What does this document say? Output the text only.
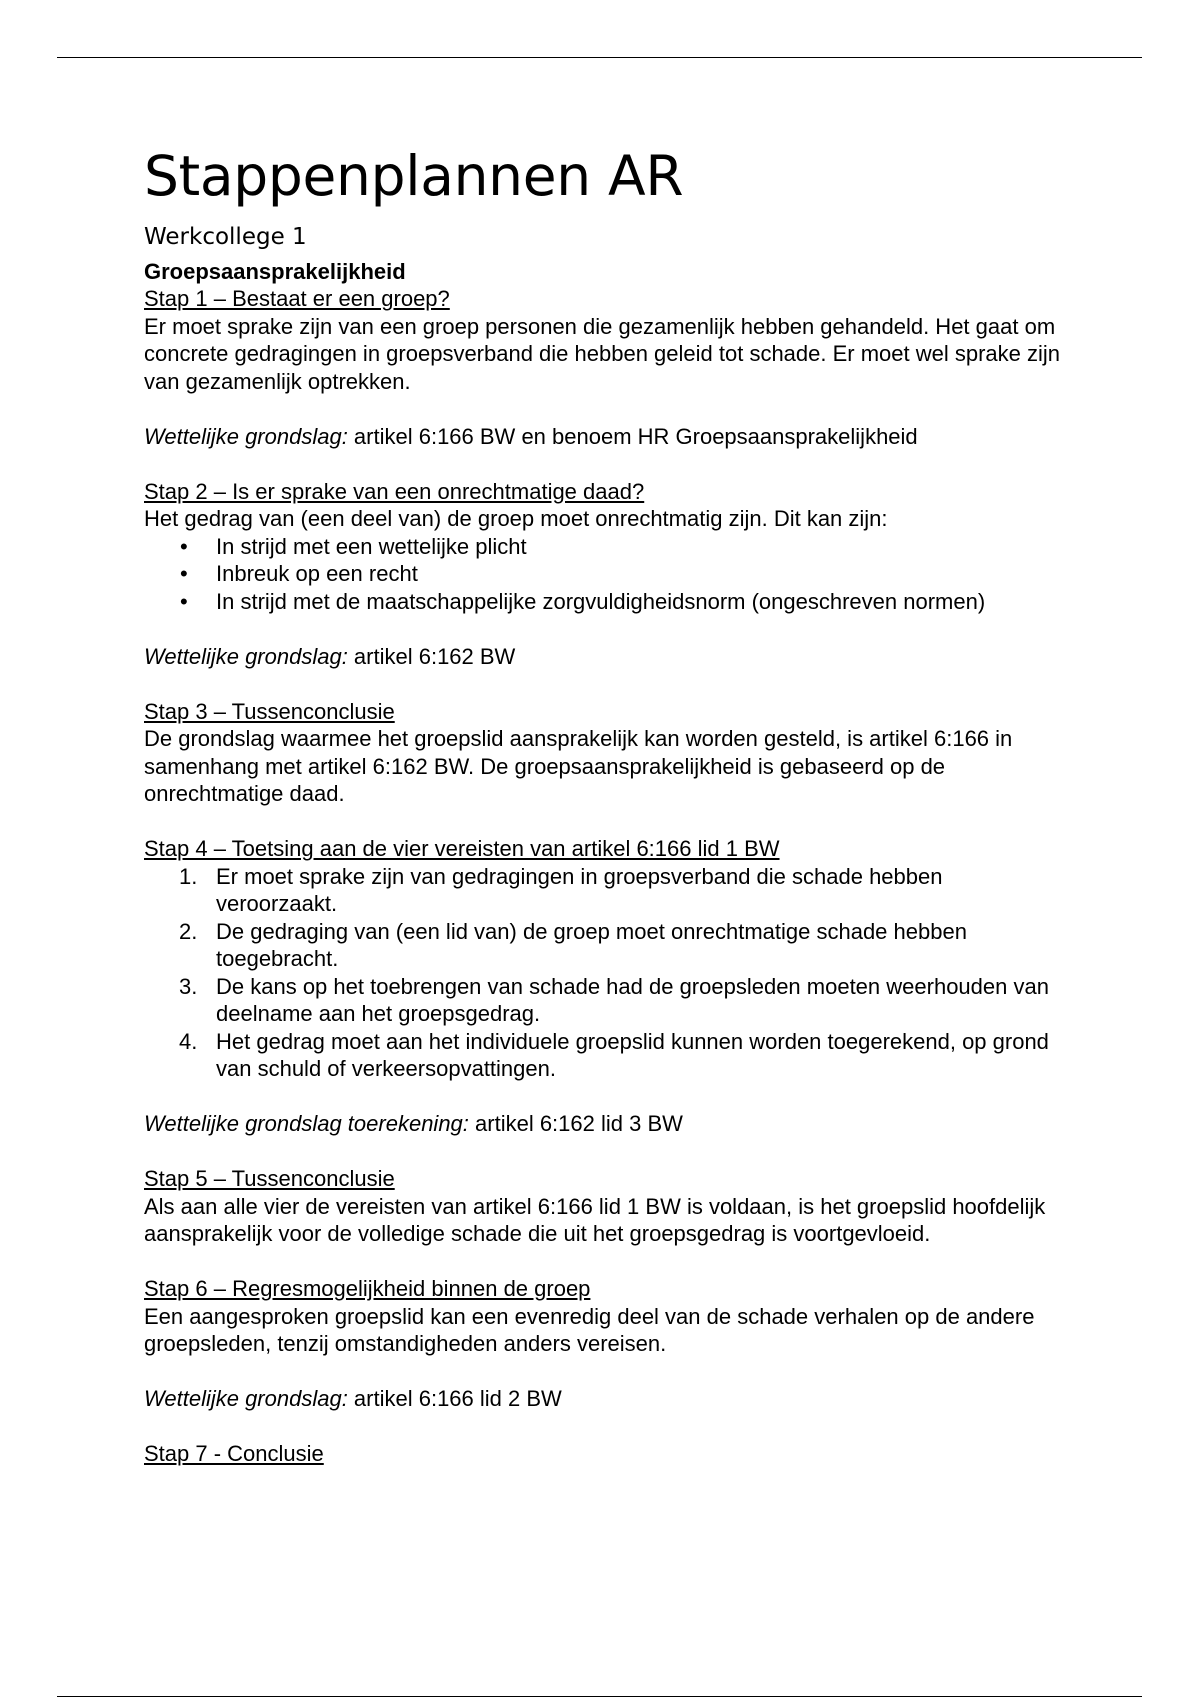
Stappenplannen AR
Werkcollege 1
Groepsaansprakelijkheid
Stap 1 – Bestaat er een groep?

Er moet sprake zijn van een groep personen die gezamenlijk hebben gehandeld. Het gaat om concrete gedragingen in groepsverband die hebben geleid tot schade. Er moet wel sprake zijn van gezamenlijk optrekken.

Wettelijke grondslag: artikel 6:166 BW en benoem HR Groepsaansprakelijkheid

Stap 2 – Is er sprake van een onrechtmatige daad?

Het gedrag van (een deel van) de groep moet onrechtmatig zijn. Dit kan zijn:

• In strijd met een wettelijke plicht
• Inbreuk op een recht
• In strijd met de maatschappelijke zorgvuldigheidsnorm (ongeschreven normen)

Wettelijke grondslag: artikel 6:162 BW

Stap 3 – Tussenconclusie

De grondslag waarmee het groepslid aansprakelijk kan worden gesteld, is artikel 6:166 in samenhang met artikel 6:162 BW. De groepsaansprakelijkheid is gebaseerd op de onrechtmatige daad.

Stap 4 – Toetsing aan de vier vereisten van artikel 6:166 lid 1 BW
1. Er moet sprake zijn van gedragingen in groepsverband die schade hebben veroorzaakt.
2. De gedraging van (een lid van) de groep moet onrechtmatige schade hebben toegebracht.
3. De kans op het toebrengen van schade had de groepsleden moeten weerhouden van deelname aan het groepsgedrag.
4. Het gedrag moet aan het individuele groepslid kunnen worden toegerekend, op grond van schuld of verkeersopvattingen.

Wettelijke grondslag toerekening: artikel 6:162 lid 3 BW

Stap 5 – Tussenconclusie

Als aan alle vier de vereisten van artikel 6:166 lid 1 BW is voldaan, is het groepslid hoofdelijk aansprakelijk voor de volledige schade die uit het groepsgedrag is voortgevloeid.

Stap 6 – Regresmogelijkheid binnen de groep

Een aangesproken groepslid kan een evenredig deel van de schade verhalen op de andere groepsleden, tenzij omstandigheden anders vereisen.

Wettelijke grondslag: artikel 6:166 lid 2 BW

Stap 7 - Conclusie
